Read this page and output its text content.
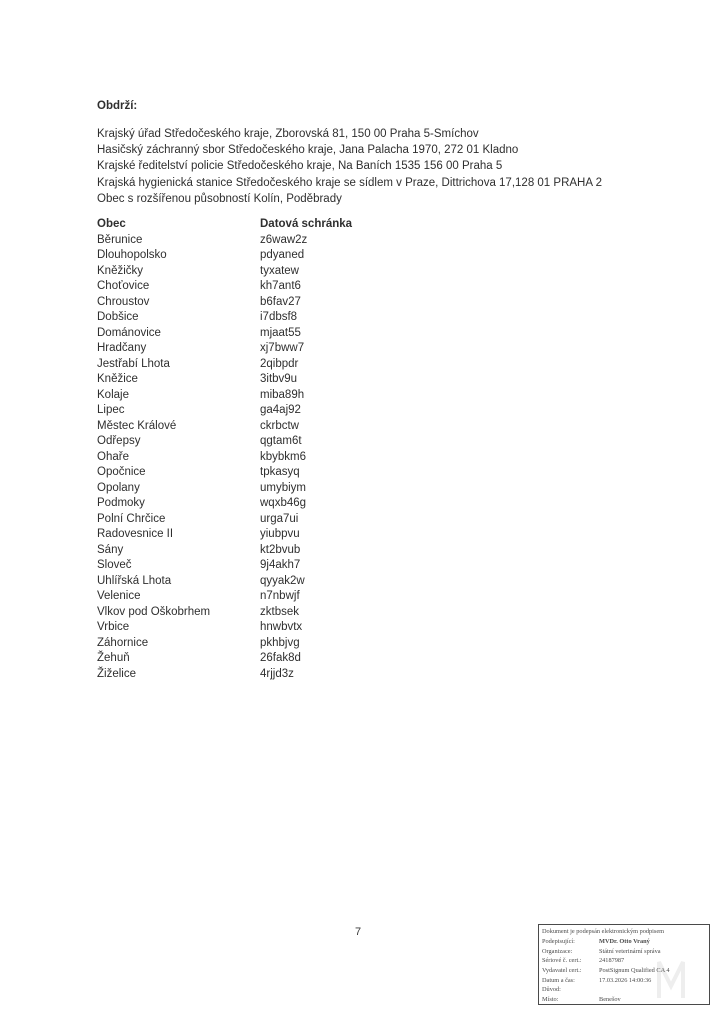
Obdrží:
Krajský úřad Středočeského kraje, Zborovská 81, 150 00 Praha 5-Smíchov
Hasičský záchranný sbor Středočeského kraje, Jana Palacha 1970, 272 01 Kladno
Krajské ředitelství policie Středočeského kraje, Na Baních 1535 156 00 Praha 5
Krajská hygienická stanice Středočeského kraje se sídlem v Praze, Dittrichova 17,128 01 PRAHA 2
Obec s rozšířenou působností Kolín, Poděbrady
Obec	Datová schránka
Běrunice	z6waw2z
Dlouhopolsko	pdyaned
Kněžičky	tyxatew
Choťovice	kh7ant6
Chroustov	b6fav27
Dobšice	i7dbsf8
Dománovice	mjaat55
Hradčany	xj7bww7
Jestřabí Lhota	2qibpdr
Kněžice	3itbv9u
Kolaje	miba89h
Lipec	ga4aj92
Městec Králové	ckrbctw
Odřepsy	qgtam6t
Ohaře	kbybkm6
Opočnice	tpkasyq
Opolany	umybiym
Podmoky	wqxb46g
Polní Chrčice	urga7ui
Radovesnice II	yiubpvu
Sány	kt2bvub
Sloveč	9j4akh7
Uhlířská Lhota	qyyak2w
Velenice	n7nbwjf
Vlkov pod Oškobrhem	zktbsek
Vrbice	hnwbvtx
Záhornice	pkhbjvg
Žehuň	26fak8d
Žiželice	4rjjd3z
7	Dokument je podepsán elektronickým podpisem
Podepisující:	MVDr. Otto Vraný
Organizace:	Státní veterinární správa
Sériové č. cert.:	24187987
Vydavatel cert.:	PostSignum Qualified CA 4
Datum a čas:	17.03.2026 14:00:36
Důvod:
Místo:	Benešov
